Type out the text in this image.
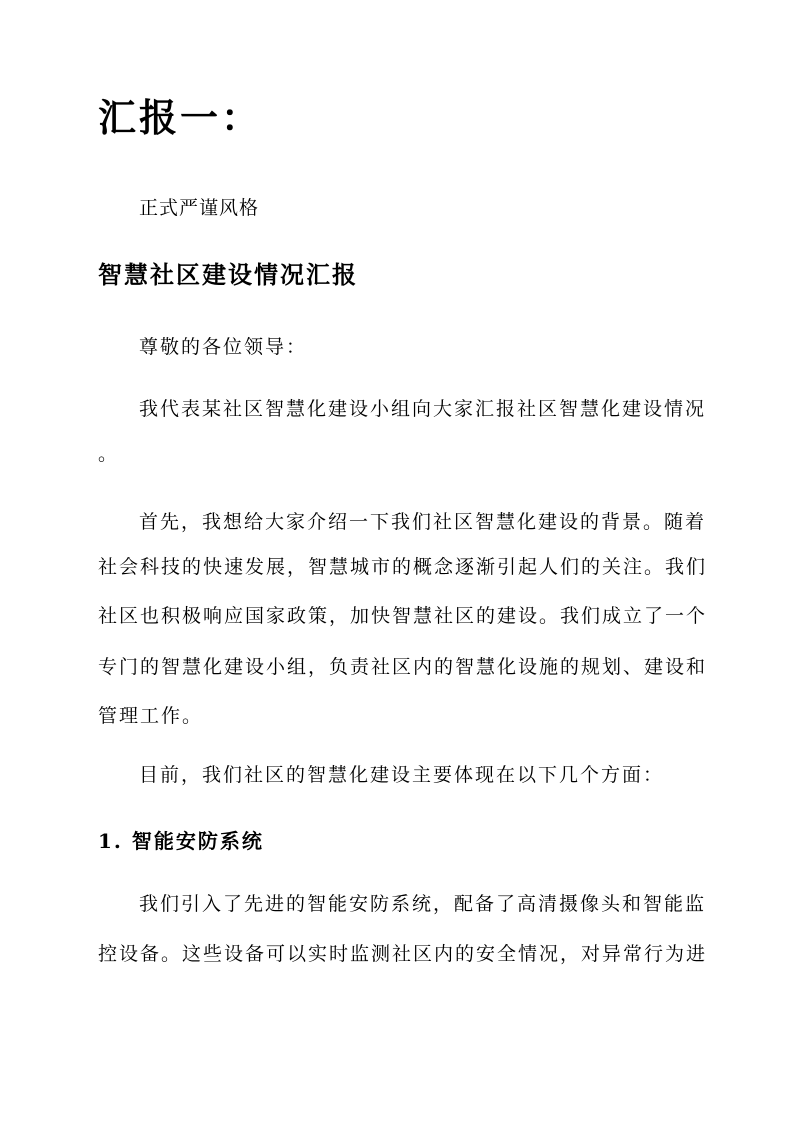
汇报一：

正式严谨风格

智慧社区建设情况汇报

尊敬的各位领导：

我代表某社区智慧化建设小组向大家汇报社区智慧化建设情况

。

首先，我想给大家介绍一下我们社区智慧化建设的背景。随着

社会科技的快速发展，智慧城市的概念逐渐引起人们的关注。我们

社区也积极响应国家政策，加快智慧社区的建设。我们成立了一个

专门的智慧化建设小组，负责社区内的智慧化设施的规划、建设和

管理工作。

目前，我们社区的智慧化建设主要体现在以下几个方面：

1. 智能安防系统

我们引入了先进的智能安防系统，配备了高清摄像头和智能监

控设备。这些设备可以实时监测社区内的安全情况，对异常行为进
